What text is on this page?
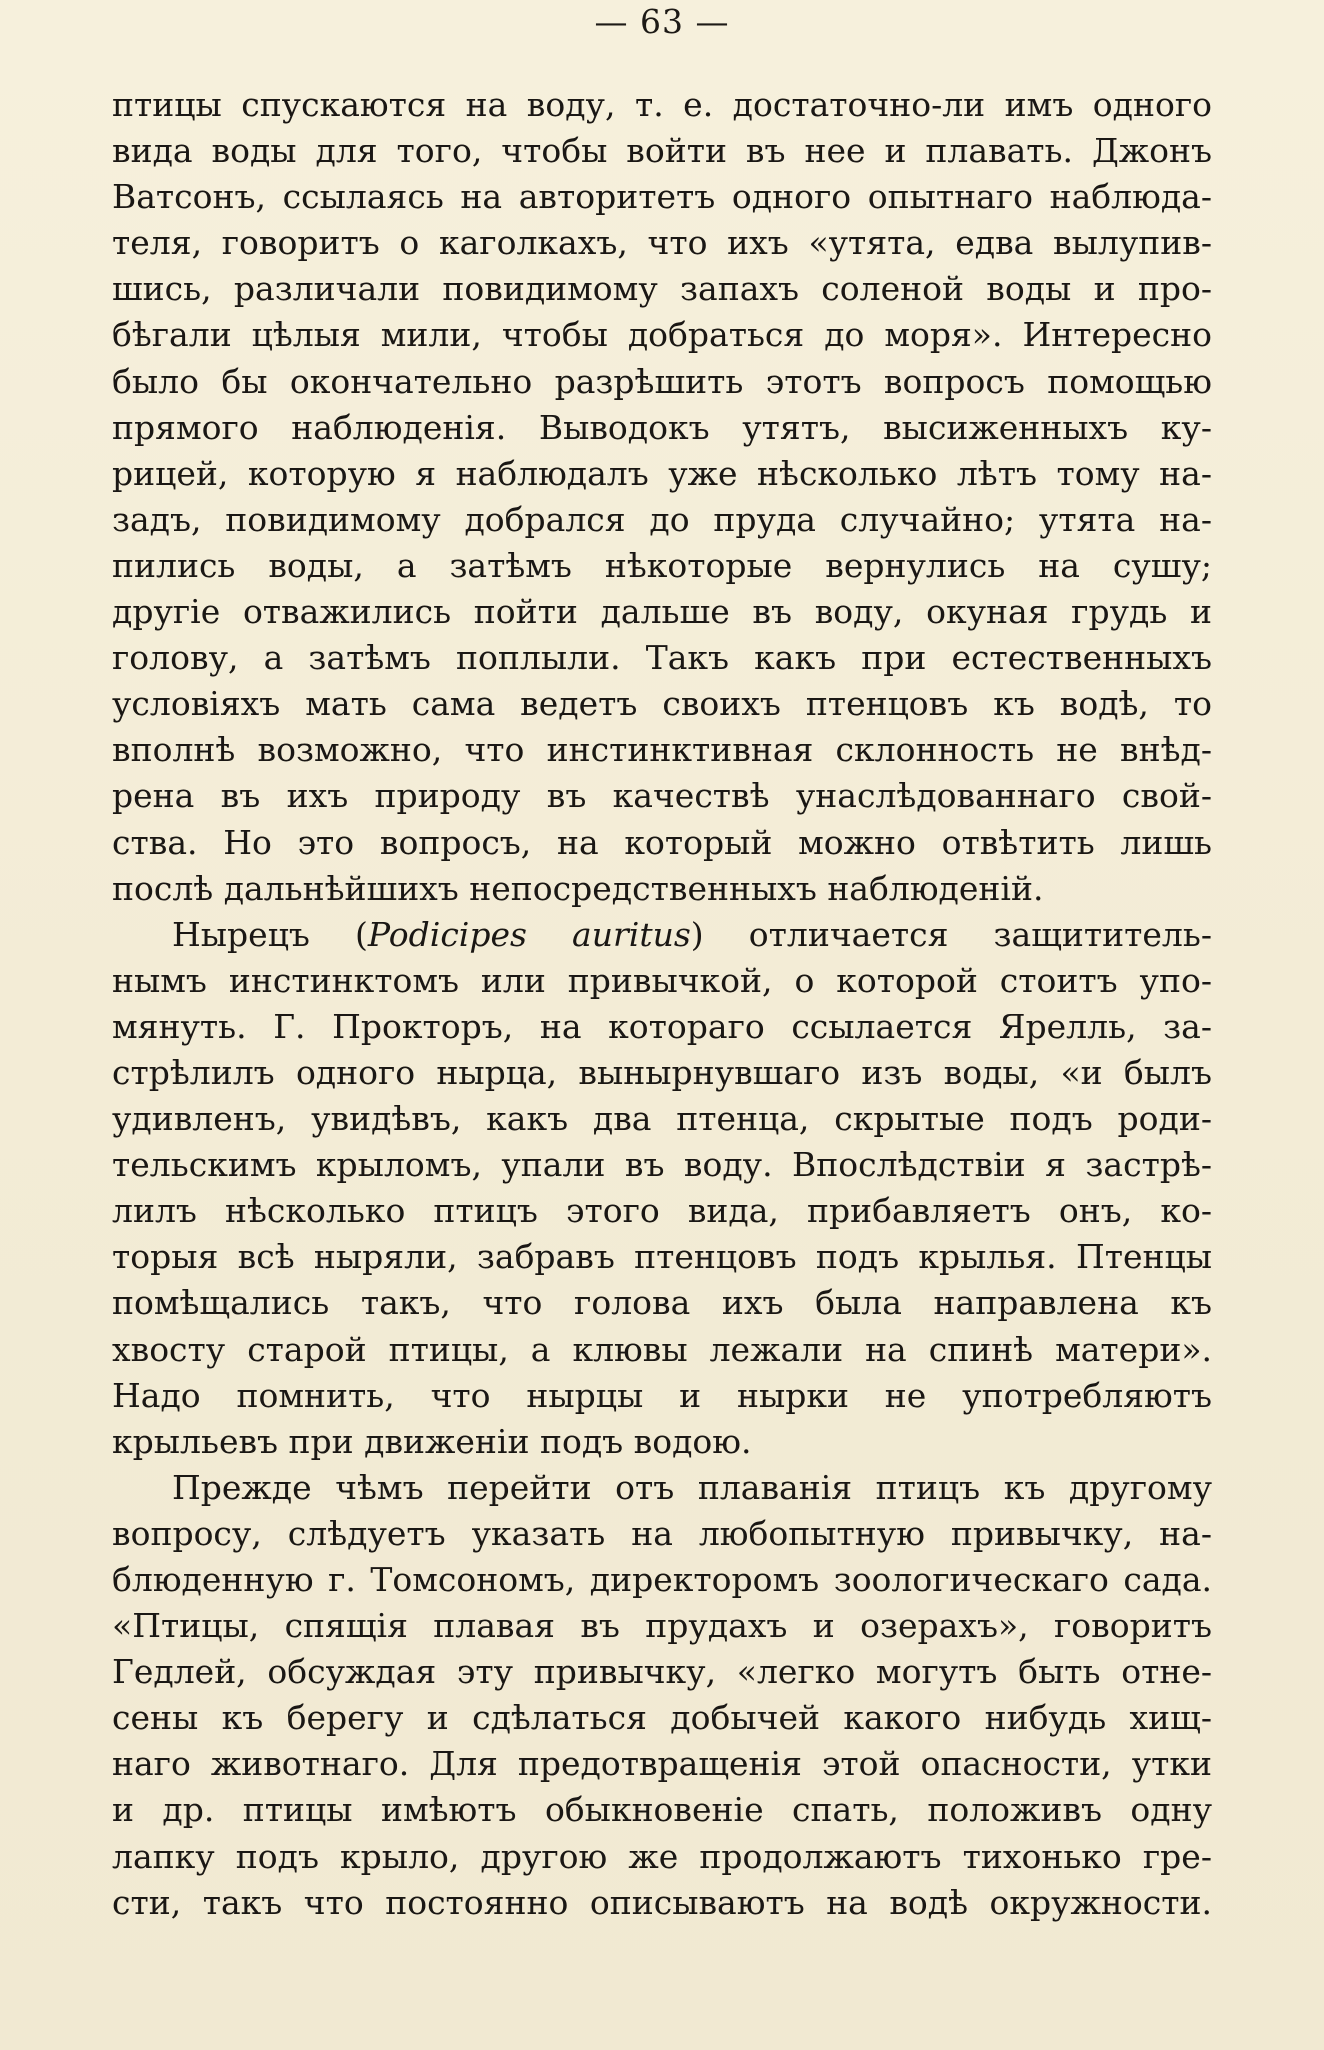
— 63 —
птицы спускаются на воду, т. е. достаточно-ли имъ одного
вида воды для того, чтобы войти въ нее и плавать. Джонъ
Ватсонъ, ссылаясь на авторитетъ одного опытнаго наблюда-
теля, говоритъ о каголкахъ, что ихъ «утята, едва вылупив-
шись, различали повидимому запахъ соленой воды и про-
бѣгали цѣлыя мили, чтобы добраться до моря». Интересно
было бы окончательно разрѣшить этотъ вопросъ помощью
прямого наблюденія. Выводокъ утятъ, высиженныхъ ку-
рицей, которую я наблюдалъ уже нѣсколько лѣтъ тому на-
задъ, повидимому добрался до пруда случайно; утята на-
пились воды, а затѣмъ нѣкоторые вернулись на сушу;
другіе отважились пойти дальше въ воду, окуная грудь и
голову, а затѣмъ поплыли. Такъ какъ при естественныхъ
условіяхъ мать сама ведетъ своихъ птенцовъ къ водѣ, то
вполнѣ возможно, что инстинктивная склонность не внѣд-
рена въ ихъ природу въ качествѣ унаслѣдованнаго свой-
ства. Но это вопросъ, на который можно отвѣтить лишь
послѣ дальнѣйшихъ непосредственныхъ наблюденій.
Нырецъ (Podicipes auritus) отличается защититель-
нымъ инстинктомъ или привычкой, о которой стоитъ упо-
мянуть. Г. Прокторъ, на котораго ссылается Ярелль, за-
стрѣлилъ одного нырца, вынырнувшаго изъ воды, «и былъ
удивленъ, увидѣвъ, какъ два птенца, скрытые подъ роди-
тельскимъ крыломъ, упали въ воду. Впослѣдствіи я застрѣ-
лилъ нѣсколько птицъ этого вида, прибавляетъ онъ, ко-
торыя всѣ ныряли, забравъ птенцовъ подъ крылья. Птенцы
помѣщались такъ, что голова ихъ была направлена къ
хвосту старой птицы, а клювы лежали на спинѣ матери».
Надо помнить, что нырцы и нырки не употребляютъ
крыльевъ при движеніи подъ водою.
Прежде чѣмъ перейти отъ плаванія птицъ къ другому
вопросу, слѣдуетъ указать на любопытную привычку, на-
блюденную г. Томсономъ, директоромъ зоологическаго сада.
«Птицы, спящія плавая въ прудахъ и озерахъ», говоритъ
Гедлей, обсуждая эту привычку, «легко могутъ быть отне-
сены къ берегу и сдѣлаться добычей какого нибудь хищ-
наго животнаго. Для предотвращенія этой опасности, утки
и др. птицы имѣютъ обыкновеніе спать, положивъ одну
лапку подъ крыло, другою же продолжаютъ тихонько гре-
сти, такъ что постоянно описываютъ на водѣ окружности.
